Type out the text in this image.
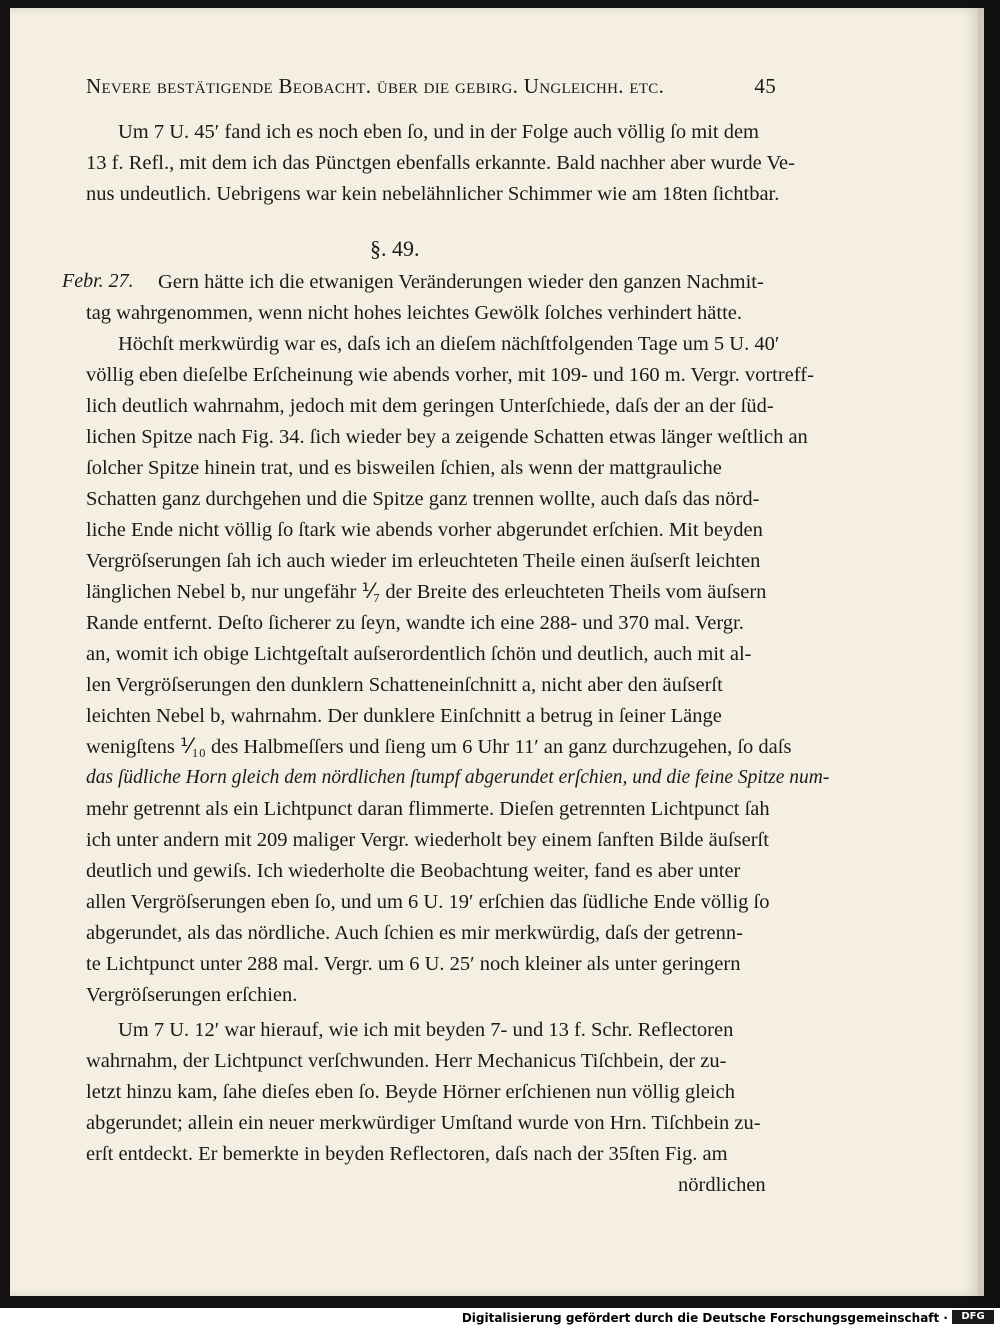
Nevere bestätigende Beobacht. über die gebirg. Ungleichh. etc.	45
Um 7 U. 45′ fand ich es noch eben ſo, und in der Folge auch völlig ſo mit dem
13 f. Refl., mit dem ich das Pünctgen ebenfalls erkannte. Bald nachher aber wurde Ve-
nus undeutlich. Uebrigens war kein nebelähnlicher Schimmer wie am 18ten ſichtbar.
§. 49.
Febr. 27. Gern hätte ich die etwanigen Veränderungen wieder den ganzen Nachmit-
tag wahrgenommen, wenn nicht hohes leichtes Gewölk ſolches verhindert hätte.
Höchſt merkwürdig war es, daſs ich an dieſem nächſtfolgenden Tage um 5 U. 40′
völlig eben dieſelbe Erſcheinung wie abends vorher, mit 109- und 160 m. Vergr. vortreff-
lich deutlich wahrnahm, jedoch mit dem geringen Unterſchiede, daſs der an der ſüd-
lichen Spitze nach Fig. 34. ſich wieder bey a zeigende Schatten etwas länger weſtlich an
ſolcher Spitze hinein trat, und es bisweilen ſchien, als wenn der mattgrauliche
Schatten ganz durchgehen und die Spitze ganz trennen wollte, auch daſs das nörd-
liche Ende nicht völlig ſo ſtark wie abends vorher abgerundet erſchien. Mit beyden
Vergröſserungen ſah ich auch wieder im erleuchteten Theile einen äuſserſt leichten
länglichen Nebel b, nur ungefähr ⅟₇ der Breite des erleuchteten Theils vom äuſsern
Rande entfernt. Deſto ſicherer zu ſeyn, wandte ich eine 288- und 370 mal. Vergr.
an, womit ich obige Lichtgeſtalt auſserordentlich ſchön und deutlich, auch mit al-
len Vergröſserungen den dunklern Schatteneinſchnitt a, nicht aber den äuſserſt
leichten Nebel b, wahrnahm. Der dunklere Einſchnitt a betrug in ſeiner Länge
wenigſtens ⅟₁₀ des Halbmeſſers und ſieng um 6 Uhr 11′ an ganz durchzugehen, ſo daſs
das ſüdliche Horn gleich dem nördlichen ſtumpf abgerundet erſchien, und die feine Spitze num-
mehr getrennt als ein Lichtpunct daran flimmerte. Dieſen getrennten Lichtpunct ſah
ich unter andern mit 209 maliger Vergr. wiederholt bey einem ſanften Bilde äuſserſt
deutlich und gewiſs. Ich wiederholte die Beobachtung weiter, fand es aber unter
allen Vergröſserungen eben ſo, und um 6 U. 19′ erſchien das ſüdliche Ende völlig ſo
abgerundet, als das nördliche. Auch ſchien es mir merkwürdig, daſs der getrenn-
te Lichtpunct unter 288 mal. Vergr. um 6 U. 25′ noch kleiner als unter geringern
Vergröſserungen erſchien.
Um 7 U. 12′ war hierauf, wie ich mit beyden 7- und 13 f. Schr. Reflectoren
wahrnahm, der Lichtpunct verſchwunden. Herr Mechanicus Tiſchbein, der zu-
letzt hinzu kam, ſahe dieſes eben ſo. Beyde Hörner erſchienen nun völlig gleich
abgerundet; allein ein neuer merkwürdiger Umſtand wurde von Hrn. Tiſchbein zu-
erſt entdeckt. Er bemerkte in beyden Reflectoren, daſs nach der 35ſten Fig. am
nördlichen
Digitalisierung gefördert durch die Deutsche Forschungsgemeinschaft ·	DFG
